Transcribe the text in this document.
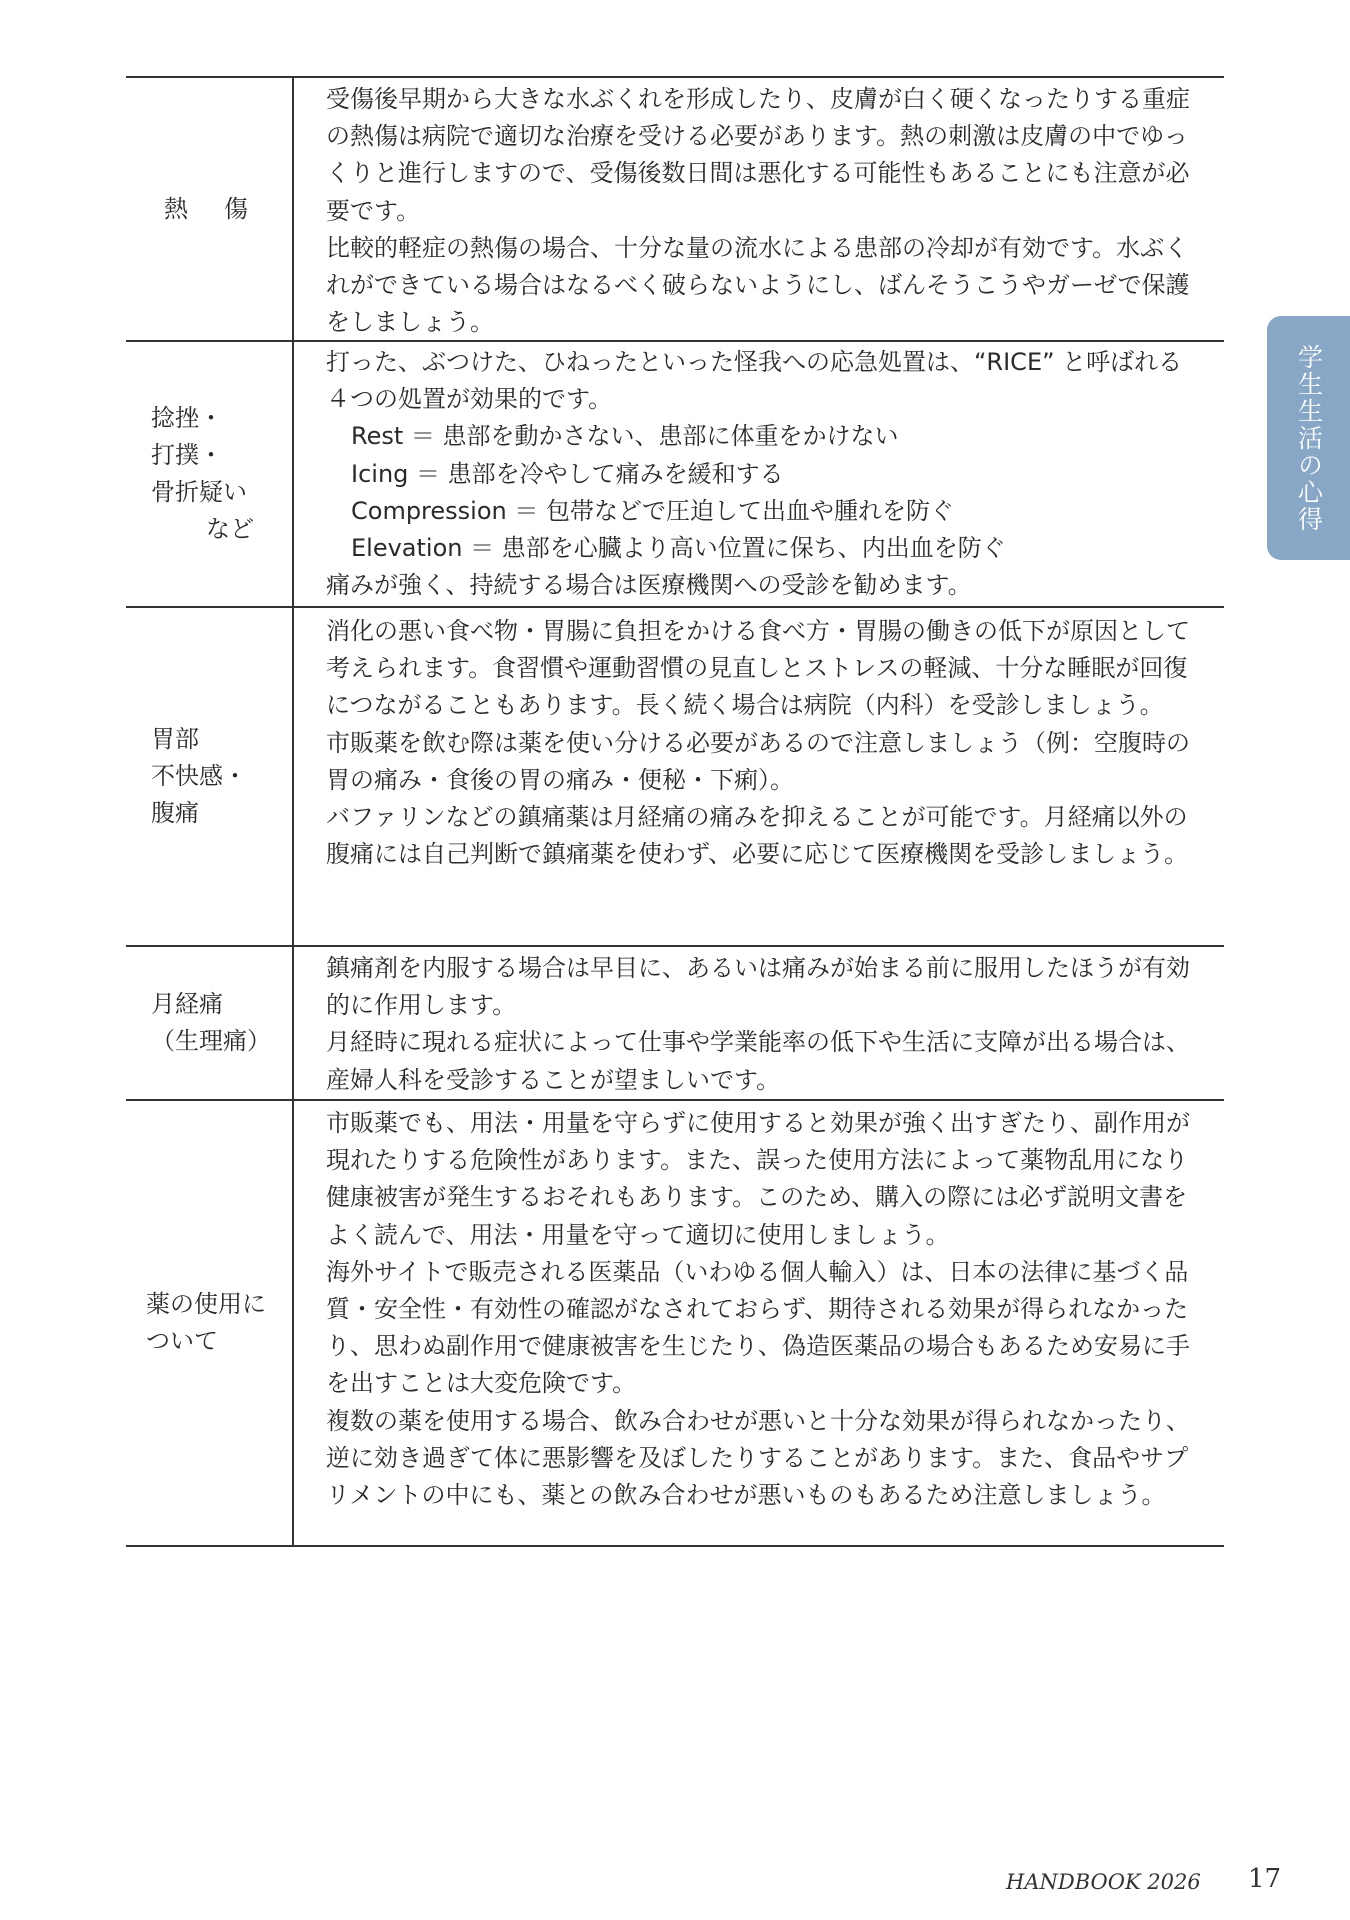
熱　傷

受傷後早期から大きな水ぶくれを形成したり、皮膚が白く硬くなったりする重症の熱傷は病院で適切な治療を受ける必要があります。熱の刺激は皮膚の中でゆっくりと進行しますので、受傷後数日間は悪化する可能性もあることにも注意が必要です。

比較的軽症の熱傷の場合、十分な量の流水による患部の冷却が有効です。水ぶくれができている場合はなるべく破らないようにし、ばんそうこうやガーゼで保護をしましょう。

捻挫・
打撲・
骨折疑い
など

打った、ぶつけた、ひねったといった怪我への応急処置は、“RICE” と呼ばれる４つの処置が効果的です。

Rest ＝ 患部を動かさない、患部に体重をかけない

Icing ＝ 患部を冷やして痛みを緩和する

Compression ＝ 包帯などで圧迫して出血や腫れを防ぐ

Elevation ＝ 患部を心臓より高い位置に保ち、内出血を防ぐ

痛みが強く、持続する場合は医療機関への受診を勧めます。

胃部
不快感・
腹痛

消化の悪い食べ物・胃腸に負担をかける食べ方・胃腸の働きの低下が原因として考えられます。食習慣や運動習慣の見直しとストレスの軽減、十分な睡眠が回復につながることもあります。長く続く場合は病院（内科）を受診しましょう。

市販薬を飲む際は薬を使い分ける必要があるので注意しましょう（例：空腹時の胃の痛み・食後の胃の痛み・便秘・下痢）。

バファリンなどの鎮痛薬は月経痛の痛みを抑えることが可能です。月経痛以外の腹痛には自己判断で鎮痛薬を使わず、必要に応じて医療機関を受診しましょう。

月経痛
（生理痛）

鎮痛剤を内服する場合は早目に、あるいは痛みが始まる前に服用したほうが有効的に作用します。

月経時に現れる症状によって仕事や学業能率の低下や生活に支障が出る場合は、産婦人科を受診することが望ましいです。

薬の使用に
ついて

市販薬でも、用法・用量を守らずに使用すると効果が強く出すぎたり、副作用が現れたりする危険性があります。また、誤った使用方法によって薬物乱用になり健康被害が発生するおそれもあります。このため、購入の際には必ず説明文書をよく読んで、用法・用量を守って適切に使用しましょう。

海外サイトで販売される医薬品（いわゆる個人輸入）は、日本の法律に基づく品質・安全性・有効性の確認がなされておらず、期待される効果が得られなかったり、思わぬ副作用で健康被害を生じたり、偽造医薬品の場合もあるため安易に手を出すことは大変危険です。

複数の薬を使用する場合、飲み合わせが悪いと十分な効果が得られなかったり、逆に効き過ぎて体に悪影響を及ぼしたりすることがあります。また、食品やサプリメントの中にも、薬との飲み合わせが悪いものもあるため注意しましょう。

学生生活の心得
HANDBOOK 2026 17
